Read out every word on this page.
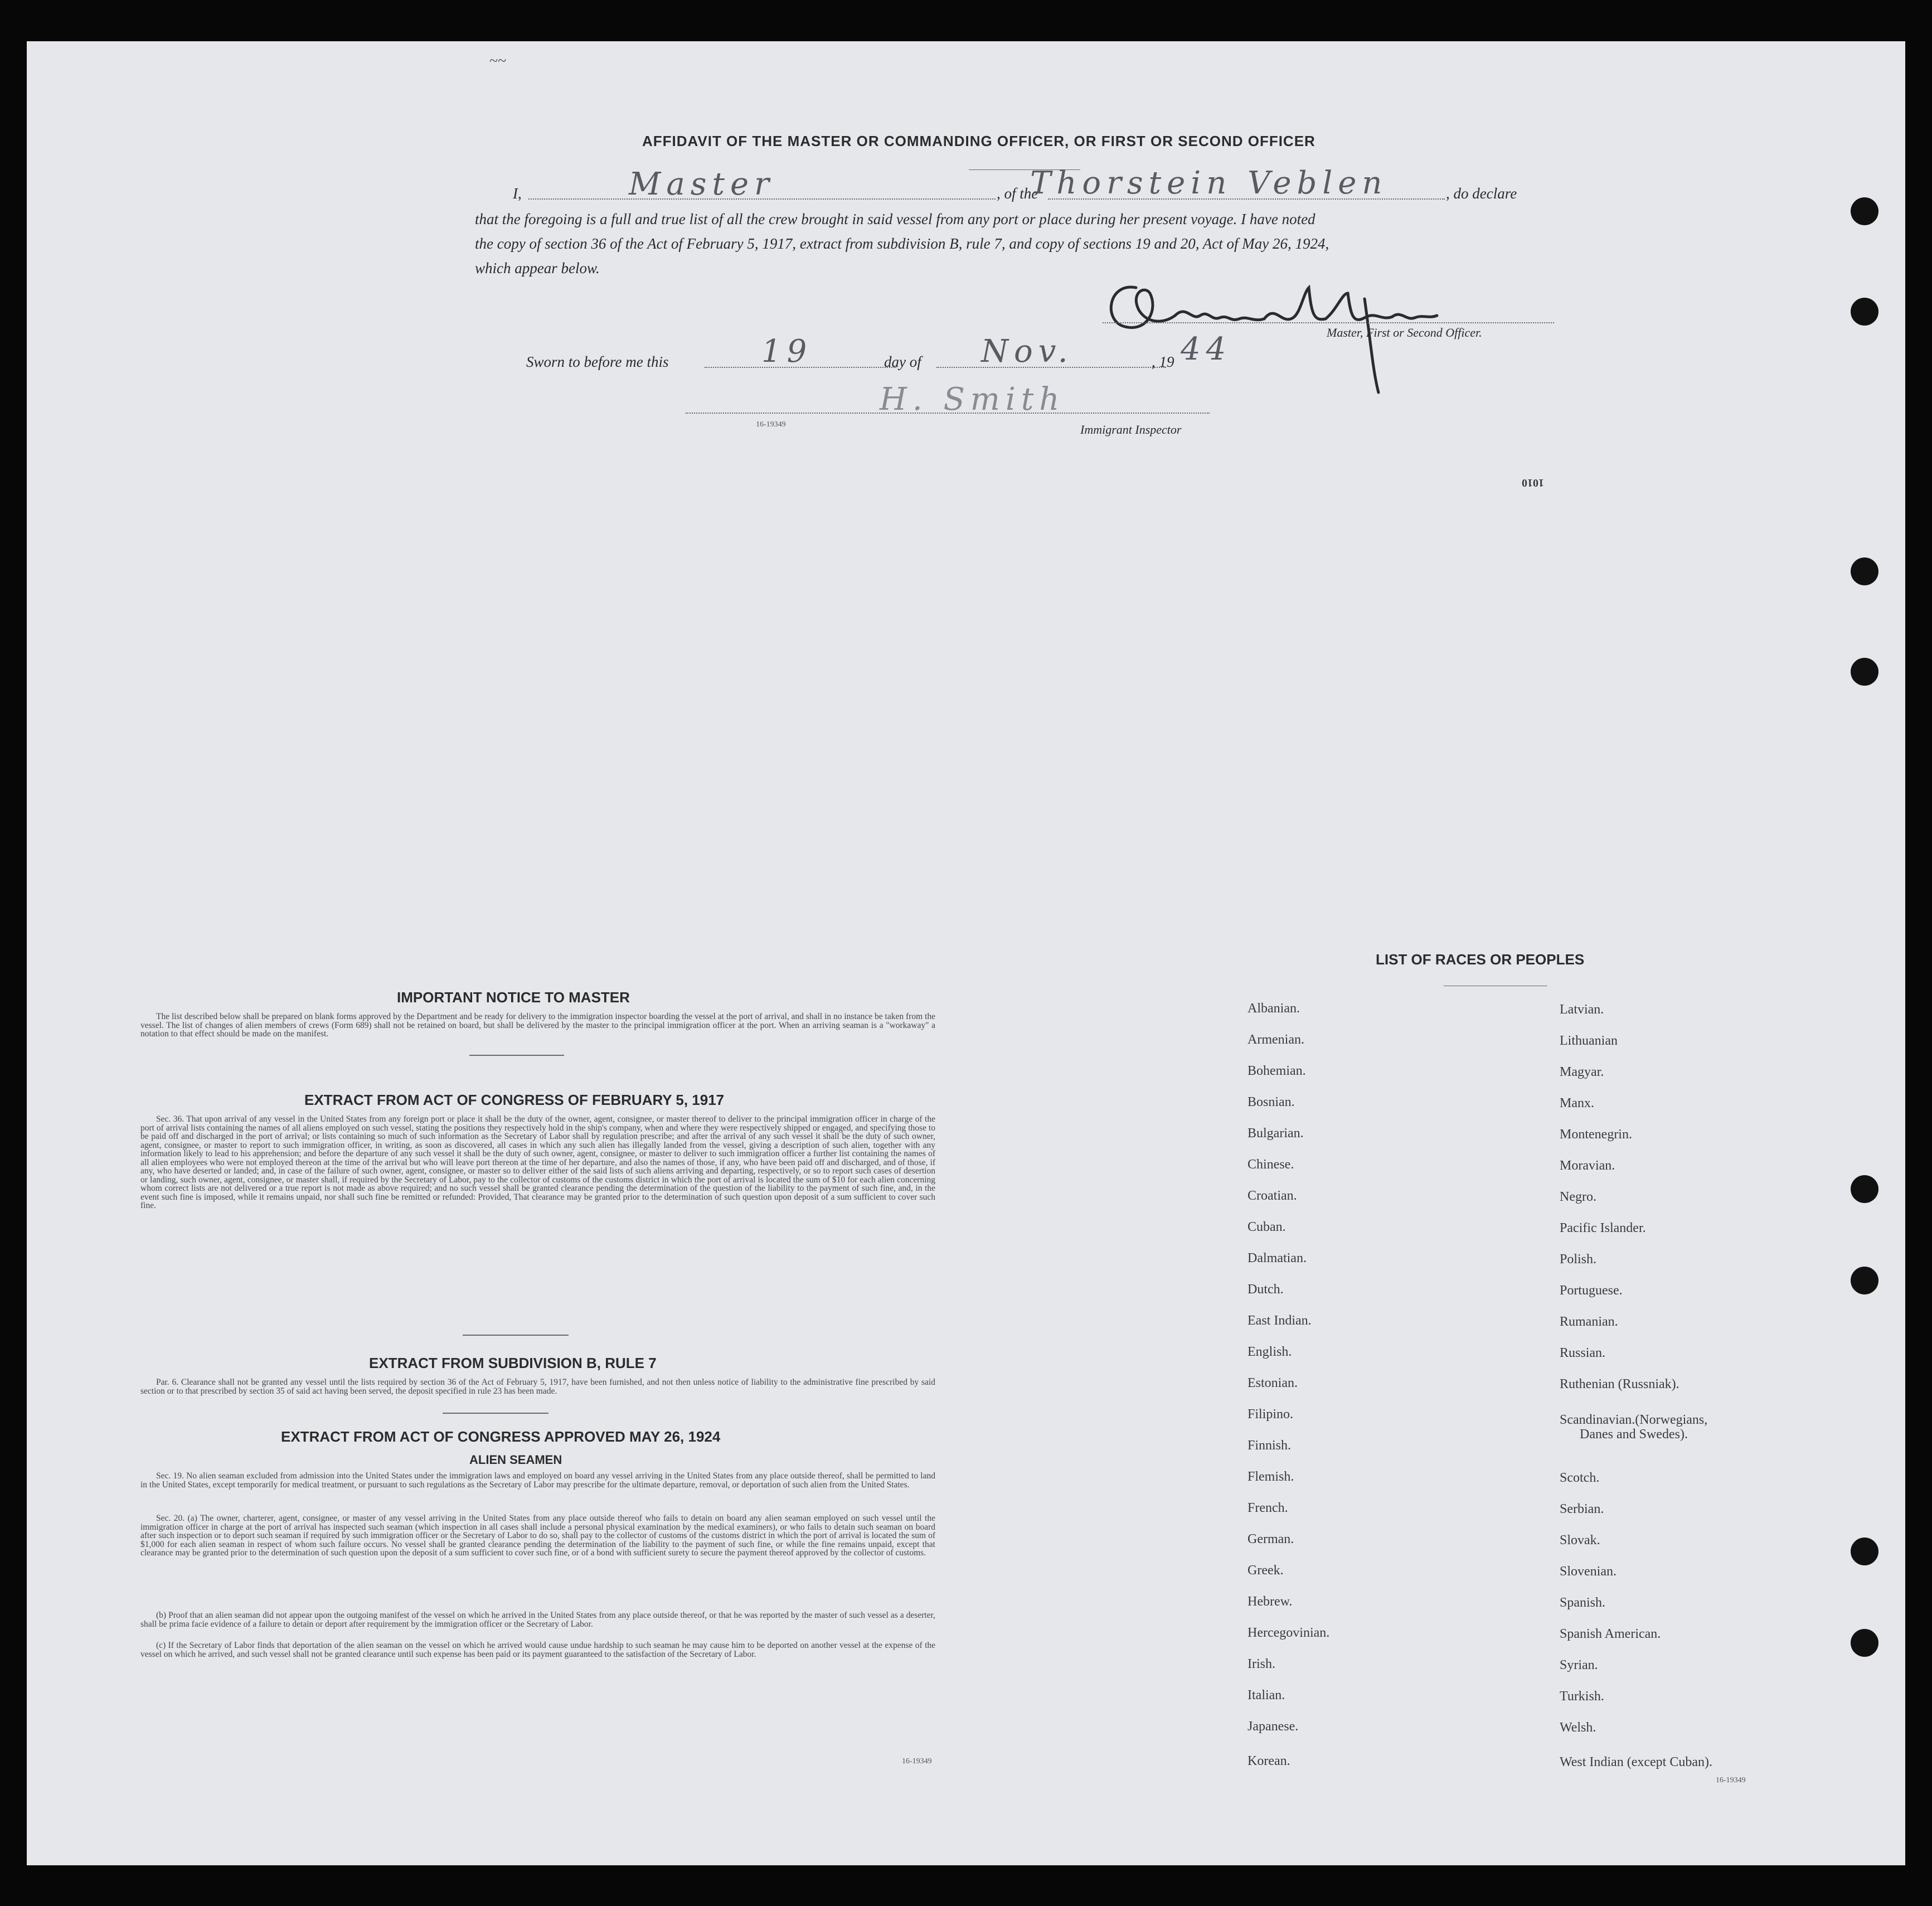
~~
AFFIDAVIT OF THE MASTER OR COMMANDING OFFICER, OR FIRST OR SECOND OFFICER
I,	Master	, of the
Thorstein Veblen	, do declare
that the foregoing is a full and true list of all the crew brought in said vessel from any port or place during her present voyage. I have noted
the copy of section 36 of the Act of February 5, 1917, extract from subdivision B, rule 7, and copy of sections 19 and 20, Act of May 26, 1924,
which appear below.
Master, First or Second Officer.
Sworn to before me this	19	day of Nov.	, 19 44
H. Smith
16-19349	Immigrant Inspector
1010
IMPORTANT NOTICE TO MASTER
The list described below shall be prepared on blank forms approved by the Department and be ready for delivery to the immigration inspector boarding the vessel at the port of arrival, and shall in no instance be taken from the vessel. The list of changes of alien members of crews (Form 689) shall not be retained on board, but shall be delivered by the master to the principal immigration officer at the port. When an arriving seaman is a "workaway" a notation to that effect should be made on the manifest.
EXTRACT FROM ACT OF CONGRESS OF FEBRUARY 5, 1917
Sec. 36. That upon arrival of any vessel in the United States from any foreign port or place it shall be the duty of the owner, agent, consignee, or master thereof to deliver to the principal immigration officer in charge of the port of arrival lists containing the names of all aliens employed on such vessel, stating the positions they respectively hold in the ship's company, when and where they were respectively shipped or engaged, and specifying those to be paid off and discharged in the port of arrival; or lists containing so much of such information as the Secretary of Labor shall by regulation prescribe; and after the arrival of any such vessel it shall be the duty of such owner, agent, consignee, or master to report to such immigration officer, in writing, as soon as discovered, all cases in which any such alien has illegally landed from the vessel, giving a description of such alien, together with any information likely to lead to his apprehension; and before the departure of any such vessel it shall be the duty of such owner, agent, consignee, or master to deliver to such immigration officer a further list containing the names of all alien employees who were not employed thereon at the time of the arrival but who will leave port thereon at the time of her departure, and also the names of those, if any, who have been paid off and discharged, and of those, if any, who have deserted or landed; and, in case of the failure of such owner, agent, consignee, or master so to deliver either of the said lists of such aliens arriving and departing, respectively, or so to report such cases of desertion or landing, such owner, agent, consignee, or master shall, if required by the Secretary of Labor, pay to the collector of customs of the customs district in which the port of arrival is located the sum of $10 for each alien concerning whom correct lists are not delivered or a true report is not made as above required; and no such vessel shall be granted clearance pending the determination of the question of the liability to the payment of such fine, and, in the event such fine is imposed, while it remains unpaid, nor shall such fine be remitted or refunded: Provided, That clearance may be granted prior to the determination of such question upon deposit of a sum sufficient to cover such fine.
EXTRACT FROM SUBDIVISION B, RULE 7
Par. 6. Clearance shall not be granted any vessel until the lists required by section 36 of the Act of February 5, 1917, have been furnished, and not then unless notice of liability to the administrative fine prescribed by said section or to that prescribed by section 35 of said act having been served, the deposit specified in rule 23 has been made.
EXTRACT FROM ACT OF CONGRESS APPROVED MAY 26, 1924
ALIEN SEAMEN
Sec. 19. No alien seaman excluded from admission into the United States under the immigration laws and employed on board any vessel arriving in the United States from any place outside thereof, shall be permitted to land in the United States, except temporarily for medical treatment, or pursuant to such regulations as the Secretary of Labor may prescribe for the ultimate departure, removal, or deportation of such alien from the United States.
Sec. 20. (a) The owner, charterer, agent, consignee, or master of any vessel arriving in the United States from any place outside thereof who fails to detain on board any alien seaman employed on such vessel until the immigration officer in charge at the port of arrival has inspected such seaman (which inspection in all cases shall include a personal physical examination by the medical examiners), or who fails to detain such seaman on board after such inspection or to deport such seaman if required by such immigration officer or the Secretary of Labor to do so, shall pay to the collector of customs of the customs district in which the port of arrival is located the sum of $1,000 for each alien seaman in respect of whom such failure occurs. No vessel shall be granted clearance pending the determination of the liability to the payment of such fine, or while the fine remains unpaid, except that clearance may be granted prior to the determination of such question upon the deposit of a sum sufficient to cover such fine, or of a bond with sufficient surety to secure the payment thereof approved by the collector of customs.
(b) Proof that an alien seaman did not appear upon the outgoing manifest of the vessel on which he arrived in the United States from any place outside thereof, or that he was reported by the master of such vessel as a deserter, shall be prima facie evidence of a failure to detain or deport after requirement by the immigration officer or the Secretary of Labor.
(c) If the Secretary of Labor finds that deportation of the alien seaman on the vessel on which he arrived would cause undue hardship to such seaman he may cause him to be deported on another vessel at the expense of the vessel on which he arrived, and such vessel shall not be granted clearance until such expense has been paid or its payment guaranteed to the satisfaction of the Secretary of Labor.
16-19349
LIST OF RACES OR PEOPLES
Albanian.
Armenian.
Bohemian.
Bosnian.
Bulgarian.
Chinese.
Croatian.
Cuban.
Dalmatian.
Dutch.
East Indian.
English.
Estonian.
Filipino.
Finnish.
Flemish.
French.
German.
Greek.
Hebrew.
Hercegovinian.
Irish.
Italian.
Japanese.
Korean.
Latvian.
Lithuanian
Magyar.
Manx.
Montenegrin.
Moravian.
Negro.
Pacific Islander.
Polish.
Portuguese.
Rumanian.
Russian.
Ruthenian (Russniak).
Scandinavian.(Norwegians,
Danes and Swedes).
Scotch.
Serbian.
Slovak.
Slovenian.
Spanish.
Spanish American.
Syrian.
Turkish.
Welsh.
West Indian (except Cuban).
16-19349
